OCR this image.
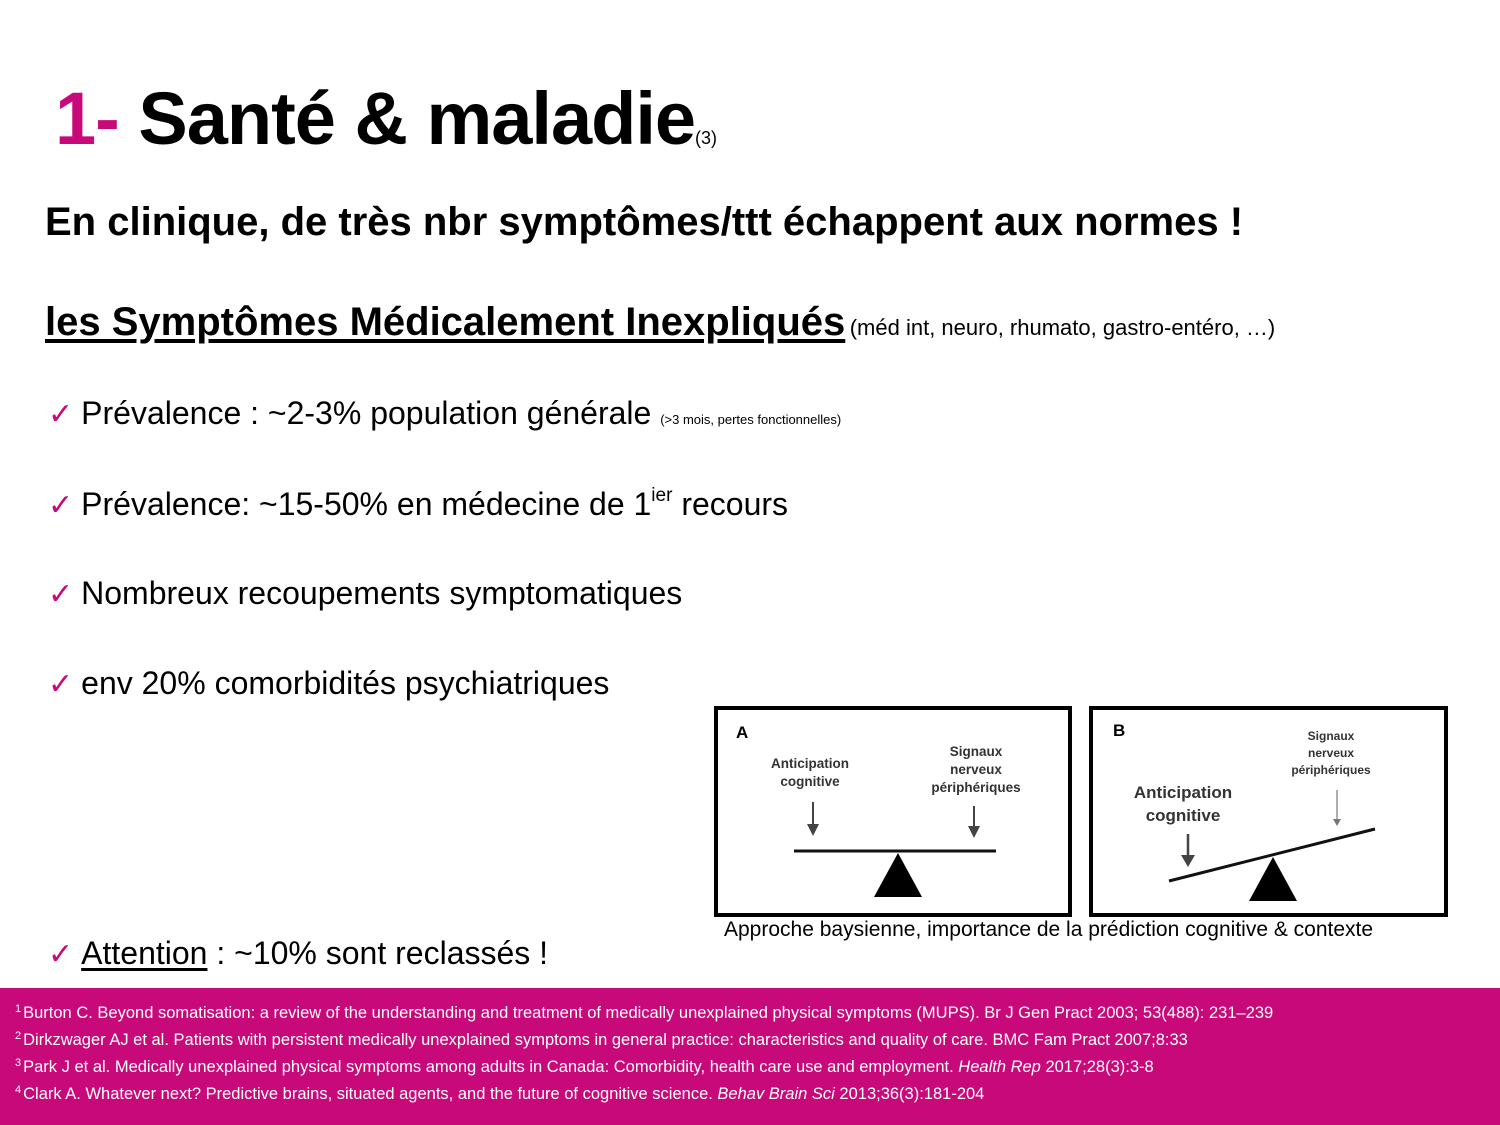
1- Santé & maladie(3)
En clinique, de très nbr symptômes/ttt échappent aux normes !
les Symptômes Médicalement Inexpliqués (méd int, neuro, rhumato, gastro-entéro, …)
✓ Prévalence : ~2-3% population générale (>3 mois, pertes fonctionnelles)
✓ Prévalence: ~15-50% en médecine de $1^{ier}$ recours
✓ Nombreux recoupements symptomatiques
✓ env 20% comorbidités psychiatriques
✓ Attention : ~10% sont reclassés !
A
Anticipation
cognitive
Signaux
nerveux
périphériques
B
Anticipation
cognitive
Signaux
nerveux
périphériques
Approche baysienne, importance de la prédiction cognitive & contexte
$^1$ Burton C. Beyond somatisation: a review of the understanding and treatment of medically unexplained physical symptoms (MUPS). Br J Gen Pract 2003; 53(488): 231–239
$^2$ Dirkzwager AJ et al. Patients with persistent medically unexplained symptoms in general practice: characteristics and quality of care. BMC Fam Pract 2007;8:33
$^3$ Park J et al. Medically unexplained physical symptoms among adults in Canada: Comorbidity, health care use and employment. Health Rep 2017;28(3):3-8
$^4$ Clark A. Whatever next? Predictive brains, situated agents, and the future of cognitive science. Behav Brain Sci 2013;36(3):181-204
